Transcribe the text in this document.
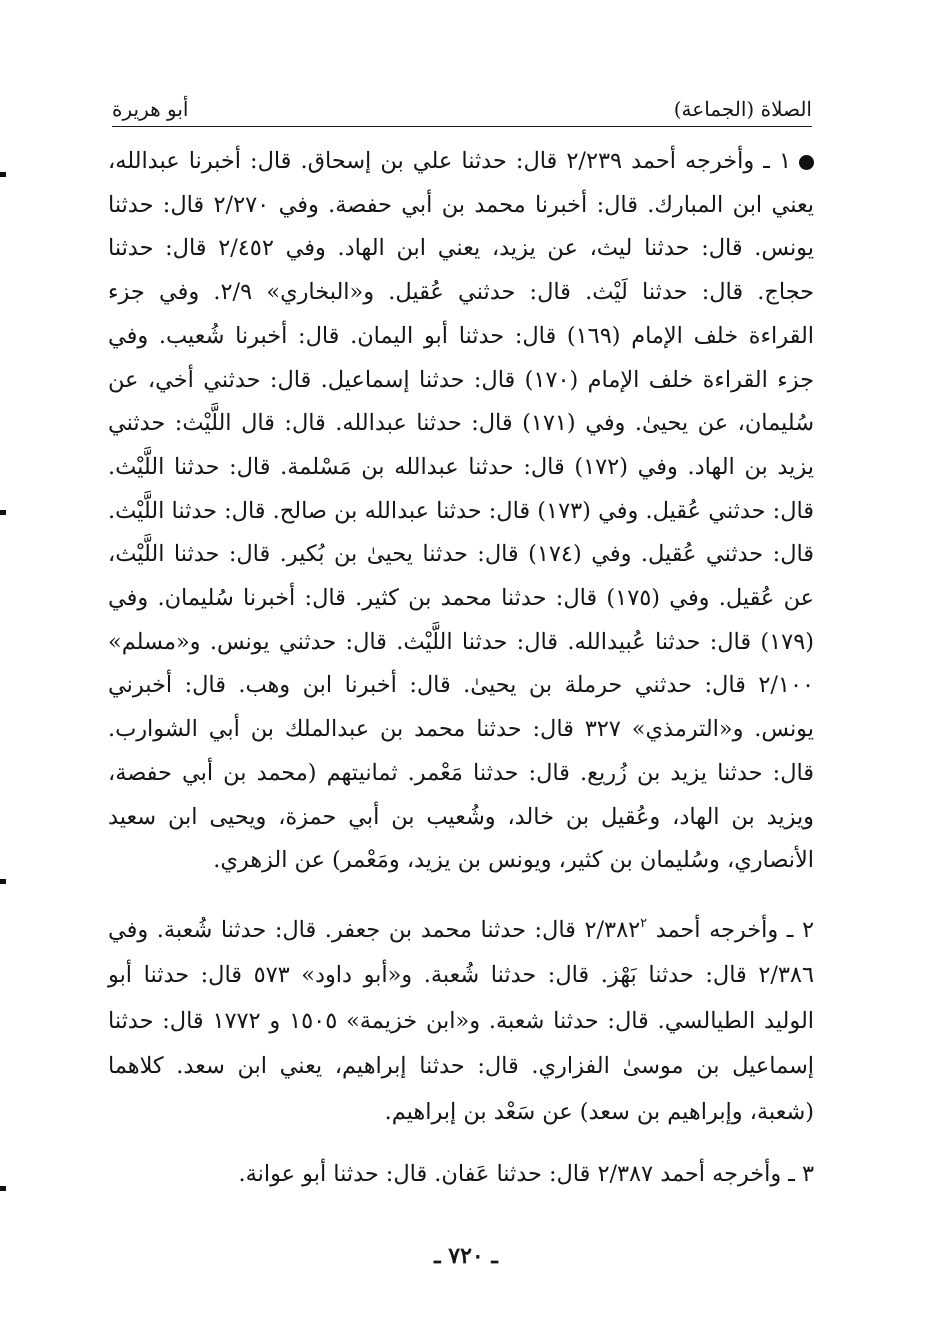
الصلاة (الجماعة)
أبو هريرة

١ ـ وأخرجه أحمد ٢/٢٣٩ قال: حدثنا علي بن إسحاق. قال: أخبرنا عبدالله، يعني ابن المبارك. قال: أخبرنا محمد بن أبي حفصة. وفي ٢/٢٧٠ قال: حدثنا يونس. قال: حدثنا ليث، عن يزيد، يعني ابن الهاد. وفي ٢/٤٥٢ قال: حدثنا حجاج. قال: حدثنا لَيْث. قال: حدثني عُقيل. و«البخاري» ٢/٩. وفي جزء القراءة خلف الإمام (١٦٩) قال: حدثنا أبو اليمان. قال: أخبرنا شُعيب. وفي جزء القراءة خلف الإمام (١٧٠) قال: حدثنا إسماعيل. قال: حدثني أخي، عن سُليمان، عن يحيىٰ. وفي (١٧١) قال: حدثنا عبدالله. قال: قال اللَّيْث: حدثني يزيد بن الهاد. وفي (١٧٢) قال: حدثنا عبدالله بن مَسْلمة. قال: حدثنا اللَّيْث. قال: حدثني عُقيل. وفي (١٧٣) قال: حدثنا عبدالله بن صالح. قال: حدثنا اللَّيْث. قال: حدثني عُقيل. وفي (١٧٤) قال: حدثنا يحيىٰ بن بُكير. قال: حدثنا اللَّيْث، عن عُقيل. وفي (١٧٥) قال: حدثنا محمد بن كثير. قال: أخبرنا سُليمان. وفي (١٧٩) قال: حدثنا عُبيدالله. قال: حدثنا اللَّيْث. قال: حدثني يونس. و«مسلم» ٢/١٠٠ قال: حدثني حرملة بن يحيىٰ. قال: أخبرنا ابن وهب. قال: أخبرني يونس. و«الترمذي» ٣٢٧ قال: حدثنا محمد بن عبدالملك بن أبي الشوارب. قال: حدثنا يزيد بن زُريع. قال: حدثنا مَعْمر. ثمانيتهم (محمد بن أبي حفصة، ويزيد بن الهاد، وعُقيل بن خالد، وشُعيب بن أبي حمزة، ويحيى ابن سعيد الأنصاري، وسُليمان بن كثير، ويونس بن يزيد، ومَعْمر) عن الزهري.

٢ ـ وأخرجه أحمد ٢/٣٨٢$^٢$ قال: حدثنا محمد بن جعفر. قال: حدثنا شُعبة. وفي ٢/٣٨٦ قال: حدثنا بَهْز. قال: حدثنا شُعبة. و«أبو داود» ٥٧٣ قال: حدثنا أبو الوليد الطيالسي. قال: حدثنا شعبة. و«ابن خزيمة» ١٥٠٥ و ١٧٧٢ قال: حدثنا إسماعيل بن موسىٰ الفزاري. قال: حدثنا إبراهيم، يعني ابن سعد. كلاهما (شعبة، وإبراهيم بن سعد) عن سَعْد بن إبراهيم.

٣ ـ وأخرجه أحمد ٢/٣٨٧ قال: حدثنا عَفان. قال: حدثنا أبو عوانة.

ـ ٧٢٠ ـ
